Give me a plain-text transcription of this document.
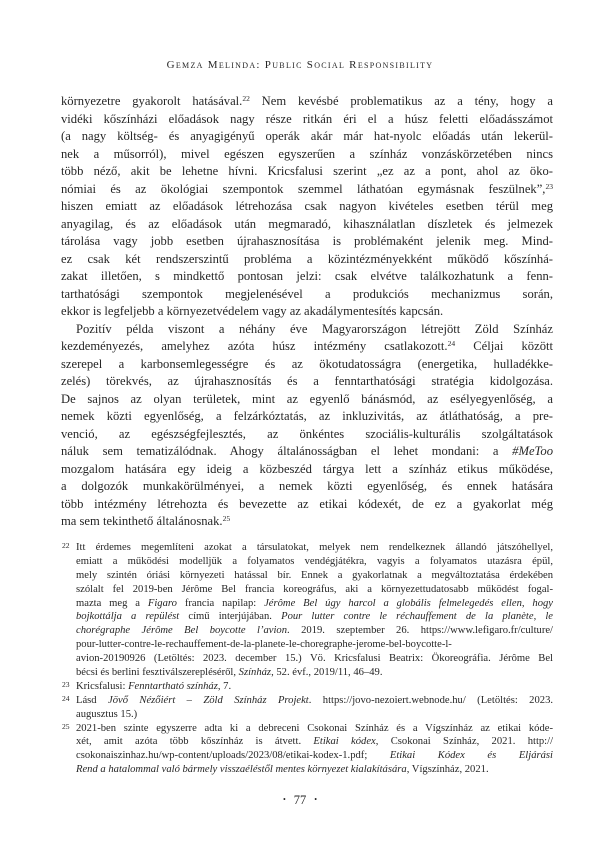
Gemza Melinda: Public Social Responsibility
környezetre gyakorolt hatásával.$^{22}$ Nem kevésbé problematikus az a tény, hogy a
vidéki kőszínházi előadások nagy része ritkán éri el a húsz feletti előadásszámot
(a nagy költség- és anyagigényű operák akár már hat-nyolc előadás után lekerül-
nek a műsorról), mivel egészen egyszerűen a színház vonzáskörzetében nincs
több néző, akit be lehetne hívni. Kricsfalusi szerint „ez az a pont, ahol az öko-
nómiai és az ökológiai szempontok szemmel láthatóan egymásnak feszülnek”,$^{23}$
hiszen emiatt az előadások létrehozása csak nagyon kivételes esetben térül meg
anyagilag, és az előadások után megmaradó, kihasználatlan díszletek és jelmezek
tárolása vagy jobb esetben újrahasznosítása is problémaként jelenik meg. Mind-
ez csak két rendszerszintű probléma a közintézményekként működő kőszínhá-
zakat illetően, s mindkettő pontosan jelzi: csak elvétve találkozhatunk a fenn-
tarthatósági szempontok megjelenésével a produkciós mechanizmus során,
ekkor is legfeljebb a környezetvédelem vagy az akadálymentesítés kapcsán.
Pozitív példa viszont a néhány éve Magyarországon létrejött Zöld Színház
kezdeményezés, amelyhez azóta húsz intézmény csatlakozott.$^{24}$ Céljai között
szerepel a karbonsemlegességre és az ökotudatosságra (energetika, hulladékke-
zelés) törekvés, az újrahasznosítás és a fenntarthatósági stratégia kidolgozása.
De sajnos az olyan területek, mint az egyenlő bánásmód, az esélyegyenlőség, a
nemek közti egyenlőség, a felzárkóztatás, az inkluzivitás, az átláthatóság, a pre-
venció, az egészségfejlesztés, az önkéntes szociális-kulturális szolgáltatások
náluk sem tematizálódnak. Ahogy általánosságban el lehet mondani: a #MeToo
mozgalom hatására egy ideig a közbeszéd tárgya lett a színház etikus működése,
a dolgozók munkakörülményei, a nemek közti egyenlőség, és ennek hatására
több intézmény létrehozta és bevezette az etikai kódexét, de ez a gyakorlat még
ma sem tekinthető általánosnak.$^{25}$
22 Itt érdemes megemlíteni azokat a társulatokat, melyek nem rendelkeznek állandó játszóhellyel,
emiatt a működési modelljük a folyamatos vendégjátékra, vagyis a folyamatos utazásra épül,
mely szintén óriási környezeti hatással bír. Ennek a gyakorlatnak a megváltoztatása érdekében
szólalt fel 2019-ben Jérôme Bel francia koreográfus, aki a környezettudatosabb működést fogal-
mazta meg a Figaro francia napilap: Jérôme Bel úgy harcol a globális felmelegedés ellen, hogy
bojkottálja a repülést című interjújában. Pour lutter contre le réchauffement de la planète, le
chorégraphe Jérôme Bel boycotte l’avion. 2019. szeptember 26. https://www.lefigaro.fr/culture/
pour-lutter-contre-le-rechauffement-de-la-planete-le-choregraphe-jerome-bel-boycotte-l-
avion-20190926 (Letöltés: 2023. december 15.) Vö. Kricsfalusi Beatrix: Ökoreográfia. Jérôme Bel
bécsi és berlini fesztiválszerepléséről, Színház, 52. évf., 2019/11, 46–49.
23 Kricsfalusi: Fenntartható színház, 7.
24 Lásd Jövő Nézőiért – Zöld Színház Projekt. https://jovo-nezoiert.webnode.hu/ (Letöltés: 2023.
augusztus 15.)
25 2021-ben szinte egyszerre adta ki a debreceni Csokonai Színház és a Vígszínház az etikai kóde-
xét, amit azóta több kőszínház is átvett. Etikai kódex, Csokonai Színház, 2021. http://
csokonaiszinhaz.hu/wp-content/uploads/2023/08/etikai-kodex-1.pdf; Etikai Kódex és Eljárási
Rend a hatalommal való bármely visszaéléstől mentes környezet kialakítására, Vígszínház, 2021.
• 77 •
